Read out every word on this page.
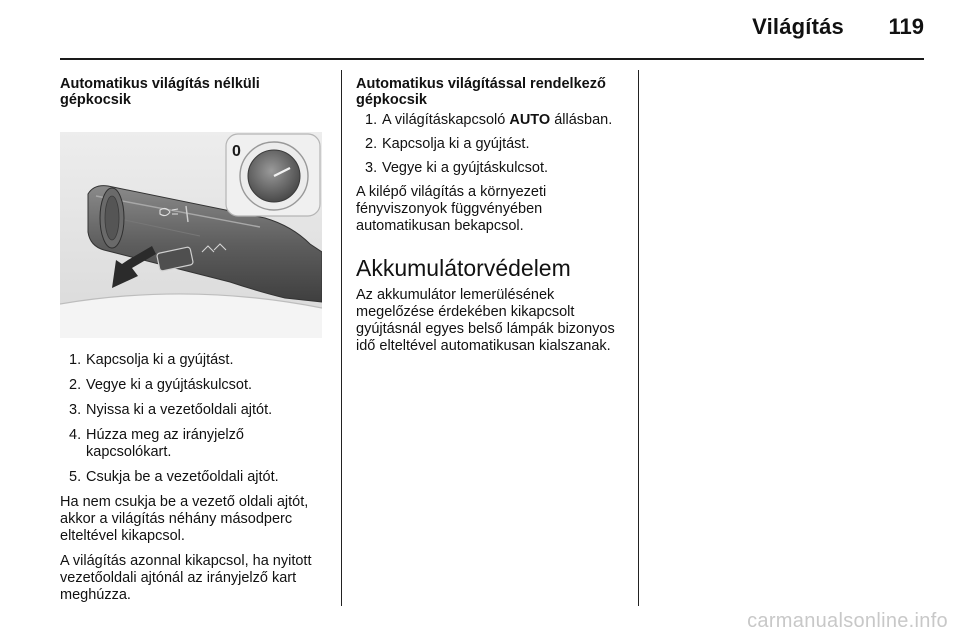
Világítás	119
Automatikus világítás nélküli gépkocsik
0
1. Kapcsolja ki a gyújtást.
2. Vegye ki a gyújtáskulcsot.
3. Nyissa ki a vezetőoldali ajtót.
4. Húzza meg az irányjelző kapcsolókart.
5. Csukja be a vezetőoldali ajtót.

Ha nem csukja be a vezető oldali ajtót, akkor a világítás néhány másodperc elteltével kikapcsol.

A világítás azonnal kikapcsol, ha nyitott vezetőoldali ajtónál az irányjelző kart meghúzza.

Automatikus világítással rendelkező gépkocsik
1. A világításkapcsoló AUTO állásban.
2. Kapcsolja ki a gyújtást.
3. Vegye ki a gyújtáskulcsot.

A kilépő világítás a környezeti fényviszonyok függvényében automatikusan bekapcsol.

Akkumulátorvédelem

Az akkumulátor lemerülésének megelőzése érdekében kikapcsolt gyújtásnál egyes belső lámpák bizonyos idő elteltével automatikusan kialszanak.

carmanualsonline.info
